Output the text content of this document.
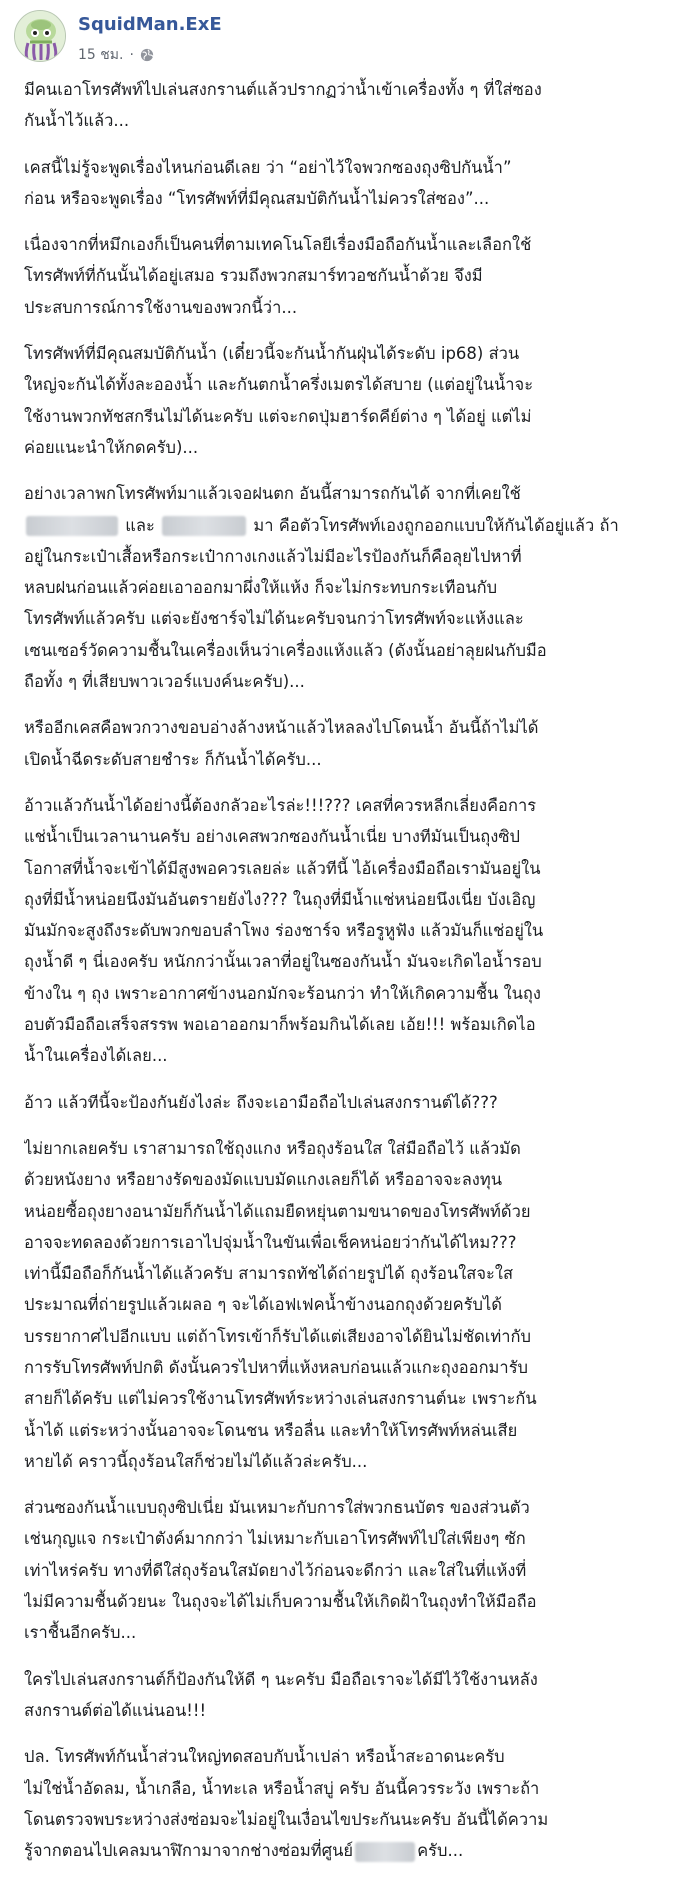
SquidMan.ExE
15 ชม. ·
มีคนเอาโทรศัพท์ไปเล่นสงกรานต์แล้วปรากฏว่าน้ำเข้าเครื่องทั้ง ๆ ที่ใส่ซอง
กันน้ำไว้แล้ว...
เคสนี้ไม่รู้จะพูดเรื่องไหนก่อนดีเลย ว่า “อย่าไว้ใจพวกซองถุงซิปกันน้ำ”
ก่อน หรือจะพูดเรื่อง “โทรศัพท์ที่มีคุณสมบัติกันน้ำไม่ควรใส่ซอง”...
เนื่องจากที่หมึกเองก็เป็นคนที่ตามเทคโนโลยีเรื่องมือถือกันน้ำและเลือกใช้
โทรศัพท์ที่กันนั้นได้อยู่เสมอ รวมถึงพวกสมาร์ทวอชกันน้ำด้วย จึงมี
ประสบการณ์การใช้งานของพวกนี้ว่า...
โทรศัพท์ที่มีคุณสมบัติกันน้ำ (เดี๋ยวนี้จะกันน้ำกันฝุ่นได้ระดับ ip68) ส่วน
ใหญ่จะกันได้ทั้งละอองน้ำ และกันตกน้ำครึ่งเมตรได้สบาย (แต่อยู่ในน้ำจะ
ใช้งานพวกทัชสกรีนไม่ได้นะครับ แต่จะกดปุ่มฮาร์ดคีย์ต่าง ๆ ได้อยู่ แต่ไม่
ค่อยแนะนำให้กดครับ)...
อย่างเวลาพกโทรศัพท์มาแล้วเจอฝนตก อันนี้สามารถกันได้ จากที่เคยใช้
และ	มา คือตัวโทรศัพท์เองถูกออกแบบให้กันได้อยู่แล้ว ถ้า
อยู่ในกระเป๋าเสื้อหรือกระเป๋ากางเกงแล้วไม่มีอะไรป้องกันก็คือลุยไปหาที่
หลบฝนก่อนแล้วค่อยเอาออกมาผึ่งให้แห้ง ก็จะไม่กระทบกระเทือนกับ
โทรศัพท์แล้วครับ แต่จะยังชาร์จไม่ได้นะครับจนกว่าโทรศัพท์จะแห้งและ
เซนเซอร์วัดความชื้นในเครื่องเห็นว่าเครื่องแห้งแล้ว (ดังนั้นอย่าลุยฝนกับมือ
ถือทั้ง ๆ ที่เสียบพาวเวอร์แบงค์นะครับ)...
หรืออีกเคสคือพวกวางขอบอ่างล้างหน้าแล้วไหลลงไปโดนน้ำ อันนี้ถ้าไม่ได้
เปิดน้ำฉีดระดับสายชำระ ก็กันน้ำได้ครับ...
อ้าวแล้วกันน้ำได้อย่างนี้ต้องกลัวอะไรล่ะ!!!??? เคสที่ควรหลีกเลี่ยงคือการ
แช่น้ำเป็นเวลานานครับ อย่างเคสพวกซองกันน้ำเนี่ย บางทีมันเป็นถุงซิป
โอกาสที่น้ำจะเข้าได้มีสูงพอควรเลยล่ะ แล้วทีนี้ ไอ้เครื่องมือถือเรามันอยู่ใน
ถุงที่มีน้ำหน่อยนึงมันอันตรายยังไง??? ในถุงที่มีน้ำแช่หน่อยนึงเนี่ย บังเอิญ
มันมักจะสูงถึงระดับพวกขอบลำโพง ร่องชาร์จ หรือรูหูฟัง แล้วมันก็แช่อยู่ใน
ถุงน้ำดี ๆ นี่เองครับ หนักกว่านั้นเวลาที่อยู่ในซองกันน้ำ มันจะเกิดไอน้ำรอบ
ข้างใน ๆ ถุง เพราะอากาศข้างนอกมักจะร้อนกว่า ทำให้เกิดความชื้น ในถุง
อบตัวมือถือเสร็จสรรพ พอเอาออกมาก็พร้อมกินได้เลย เอ้ย!!! พร้อมเกิดไอ
น้ำในเครื่องได้เลย...
อ้าว แล้วทีนี้จะป้องกันยังไงล่ะ ถึงจะเอามือถือไปเล่นสงกรานต์ได้???
ไม่ยากเลยครับ เราสามารถใช้ถุงแกง หรือถุงร้อนใส ใส่มือถือไว้ แล้วมัด
ด้วยหนังยาง หรือยางรัดของมัดแบบมัดแกงเลยก็ได้ หรืออาจจะลงทุน
หน่อยซื้อถุงยางอนามัยก็กันน้ำได้แถมยืดหยุ่นตามขนาดของโทรศัพท์ด้วย
อาจจะทดลองด้วยการเอาไปจุ่มน้ำในขันเพื่อเช็คหน่อยว่ากันได้ไหม???
เท่านี้มือถือก็กันน้ำได้แล้วครับ สามารถทัชได้ถ่ายรูปได้ ถุงร้อนใสจะใส
ประมาณที่ถ่ายรูปแล้วเผลอ ๆ จะได้เอฟเฟคน้ำข้างนอกถุงด้วยครับได้
บรรยากาศไปอีกแบบ แต่ถ้าโทรเข้าก็รับได้แต่เสียงอาจได้ยินไม่ชัดเท่ากับ
การรับโทรศัพท์ปกติ ดังนั้นควรไปหาที่แห้งหลบก่อนแล้วแกะถุงออกมารับ
สายก็ได้ครับ แต่ไม่ควรใช้งานโทรศัพท์ระหว่างเล่นสงกรานต์นะ เพราะกัน
น้ำได้ แต่ระหว่างนั้นอาจจะโดนชน หรือลื่น และทำให้โทรศัพท์หล่นเสีย
หายได้ คราวนี้ถุงร้อนใสก็ช่วยไม่ได้แล้วล่ะครับ...
ส่วนซองกันน้ำแบบถุงซิปเนี่ย มันเหมาะกับการใส่พวกธนบัตร ของส่วนตัว
เช่นกุญแจ กระเป๋าตังค์มากกว่า ไม่เหมาะกับเอาโทรศัพท์ไปใส่เพียงๆ ซัก
เท่าไหร่ครับ ทางที่ดีใส่ถุงร้อนใสมัดยางไว้ก่อนจะดีกว่า และใส่ในที่แห้งที่
ไม่มีความชื้นด้วยนะ ในถุงจะได้ไม่เก็บความชื้นให้เกิดฝ้าในถุงทำให้มือถือ
เราชื้นอีกครับ...
ใครไปเล่นสงกรานต์ก็ป้องกันให้ดี ๆ นะครับ มือถือเราจะได้มีไว้ใช้งานหลัง
สงกรานต์ต่อได้แน่นอน!!!
ปล. โทรศัพท์กันน้ำส่วนใหญ่ทดสอบกับน้ำเปล่า หรือน้ำสะอาดนะครับ
ไม่ใช่น้ำอัดลม, น้ำเกลือ, น้ำทะเล หรือน้ำสบู่ ครับ อันนี้ควรระวัง เพราะถ้า
โดนตรวจพบระหว่างส่งซ่อมจะไม่อยู่ในเงื่อนไขประกันนะครับ อันนี้ได้ความ
รู้จากตอนไปเคลมนาฬิกามาจากช่างซ่อมที่ศูนย์	ครับ...
